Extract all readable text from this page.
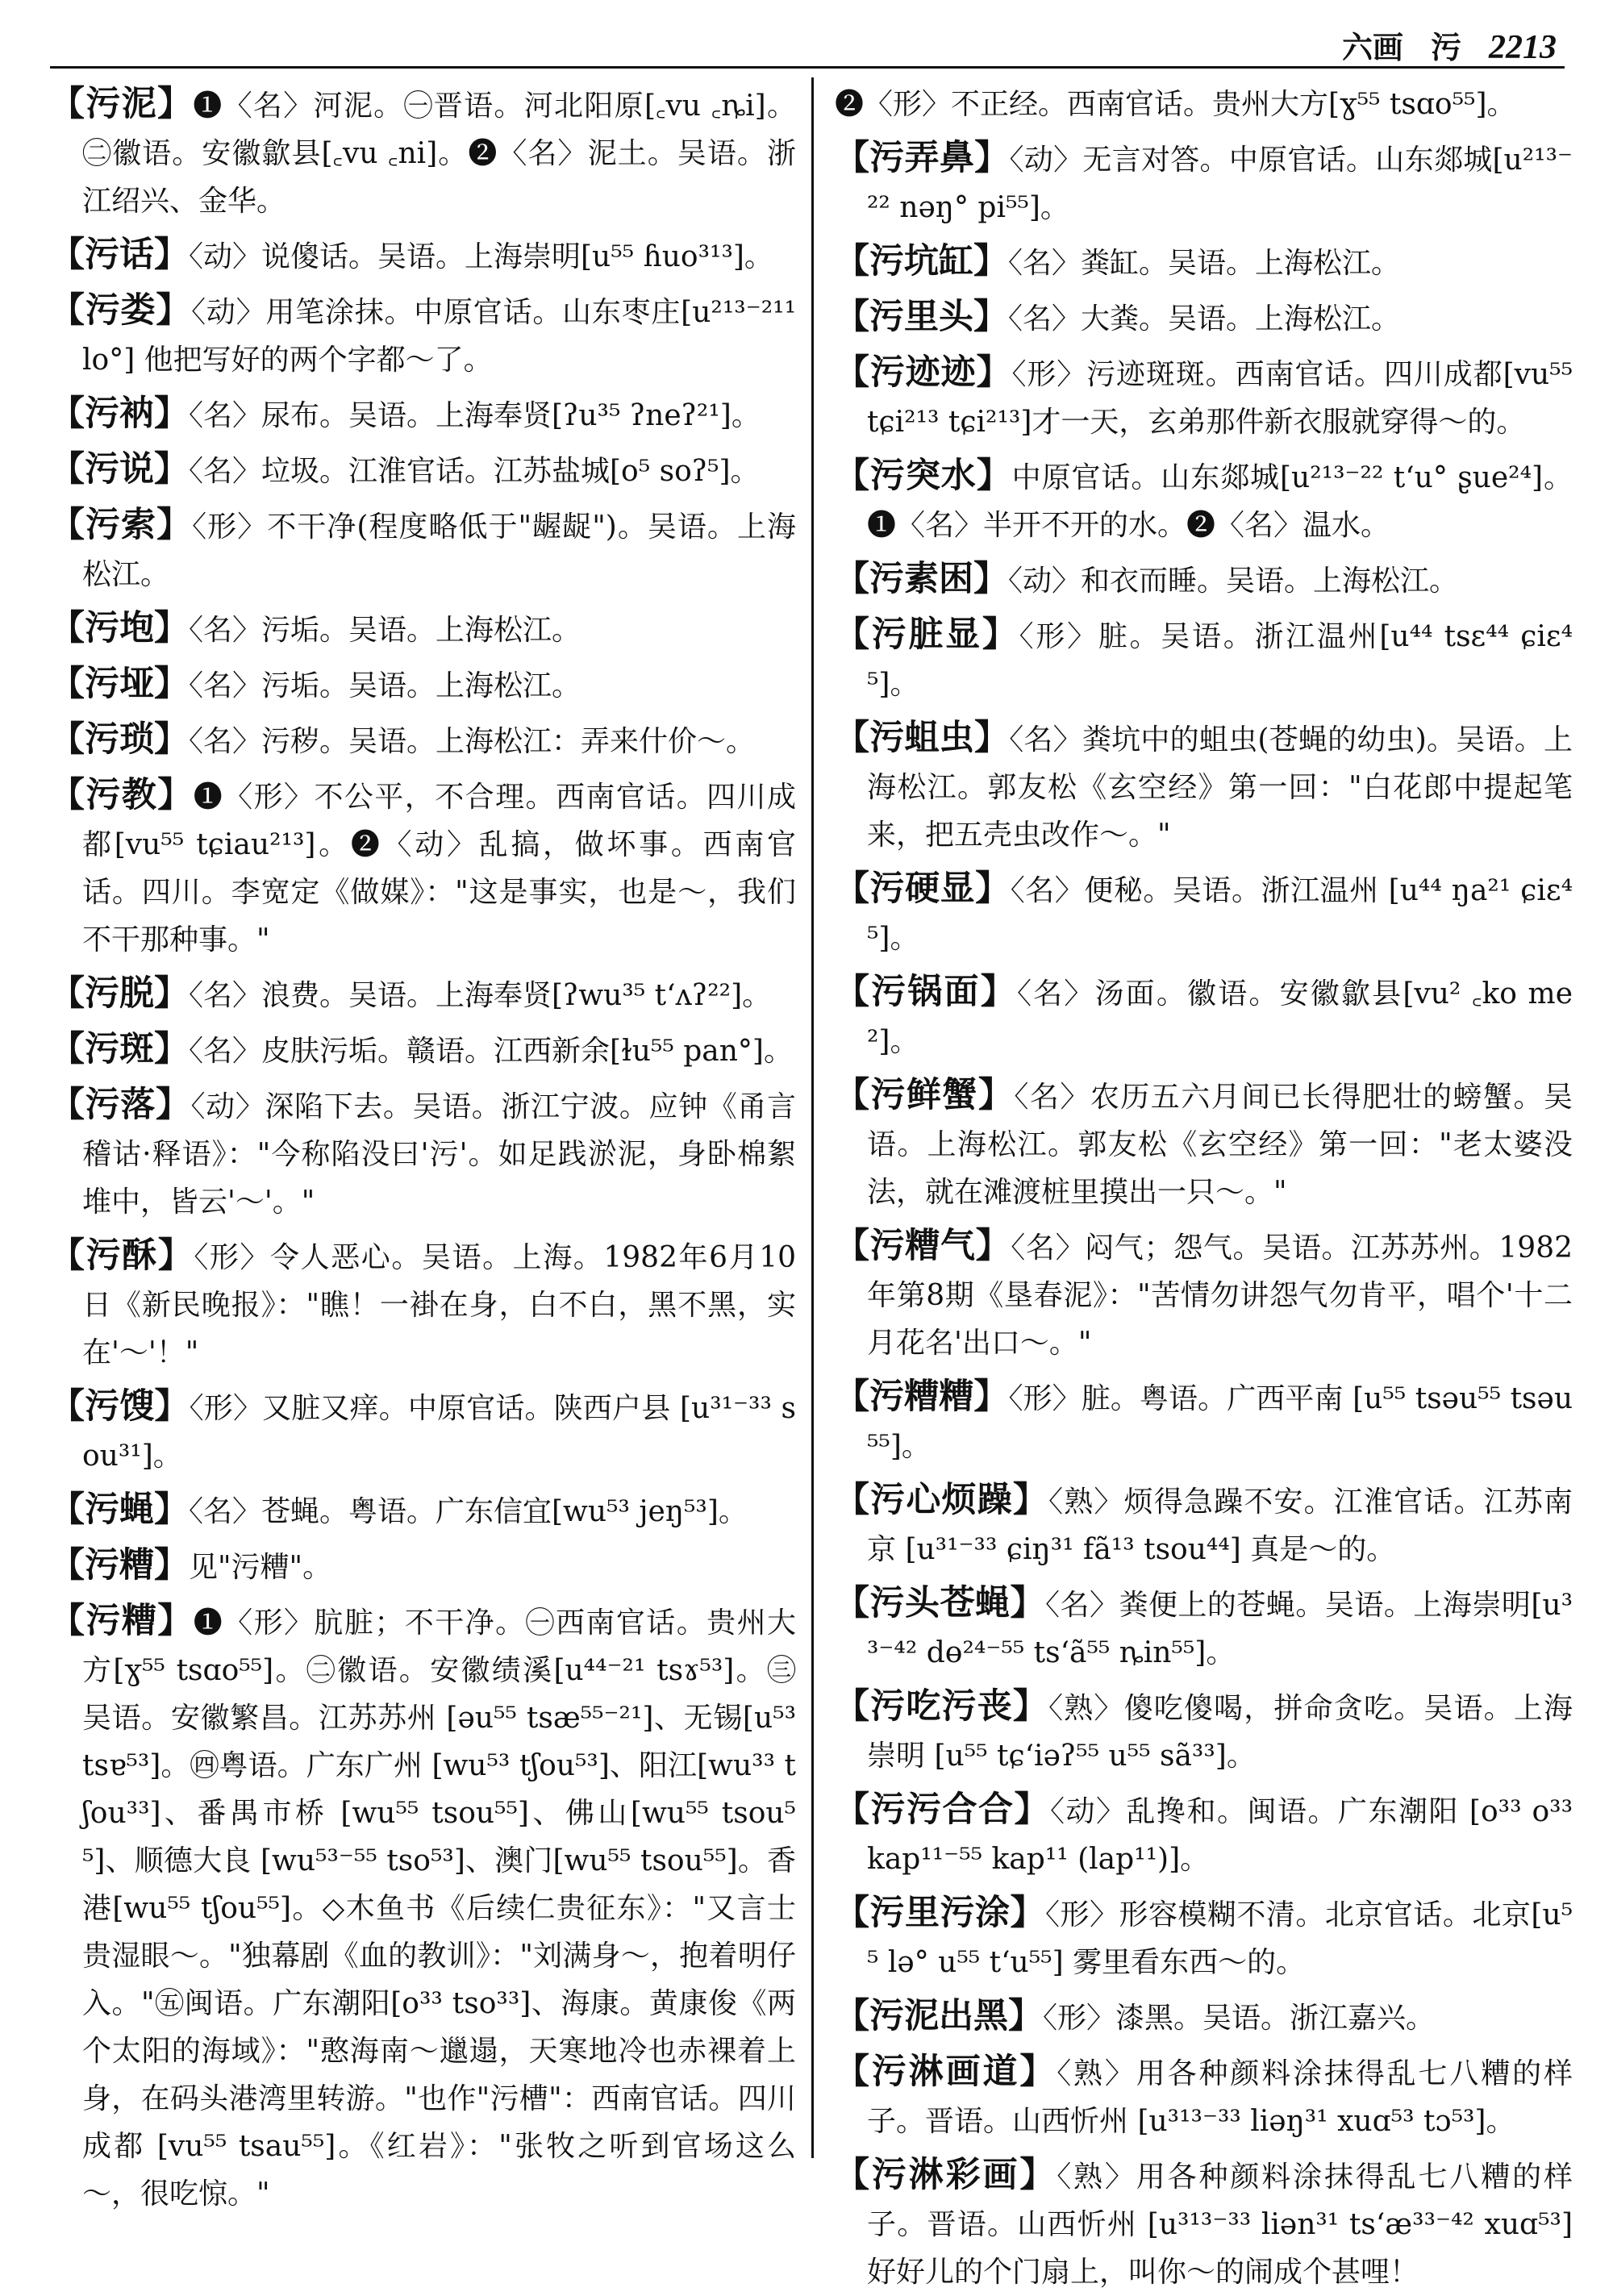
六画 污 2213

【污泥】❶〈名〉河泥。㊀晋语。河北阳原[꜀vu ꜀ȵi]。㊁徽语。安徽歙县[꜀vu ꜀ni]。❷〈名〉泥土。吴语。浙江绍兴、金华。

【污话】〈动〉说傻话。吴语。上海崇明[u⁵⁵ ɦuo³¹³]。

【污娄】〈动〉用笔涂抹。中原官话。山东枣庄[u²¹³⁻²¹¹ lo°] 他把写好的两个字都～了。

【污衲】〈名〉尿布。吴语。上海奉贤[ʔu³⁵ ʔneʔ²¹]。

【污说】〈名〉垃圾。江淮官话。江苏盐城[o⁵ soʔ⁵]。

【污索】〈形〉不干净(程度略低于"龌龊")。吴语。上海松江。

【污垉】〈名〉污垢。吴语。上海松江。

【污垭】〈名〉污垢。吴语。上海松江。

【污琐】〈名〉污秽。吴语。上海松江：弄来什价～。

【污教】❶〈形〉不公平，不合理。西南官话。四川成都[vu⁵⁵ tɕiau²¹³]。❷〈动〉乱搞，做坏事。西南官话。四川。李宽定《做媒》："这是事实，也是～，我们不干那种事。"

【污脱】〈名〉浪费。吴语。上海奉贤[ʔwu³⁵ tʻʌʔ²²]。

【污斑】〈名〉皮肤污垢。赣语。江西新余[ɫu⁵⁵ pan°]。

【污落】〈动〉深陷下去。吴语。浙江宁波。应钟《甬言稽诂·释语》："今称陷没曰'污'。如足践淤泥，身卧棉絮堆中，皆云'～'。"

【污酥】〈形〉令人恶心。吴语。上海。1982年6月10日《新民晚报》："瞧！一褂在身，白不白，黑不黑，实在'～'！"

【污馊】〈形〉又脏又痒。中原官话。陕西户县 [u³¹⁻³³ sou³¹]。

【污蝇】〈名〉苍蝇。粤语。广东信宜[wu⁵³ jeŋ⁵³]。

【污糟】见"污糟"。

【污糟】❶〈形〉肮脏；不干净。㊀西南官话。贵州大方[ɣ⁵⁵ tsɑo⁵⁵]。㊁徽语。安徽绩溪[u⁴⁴⁻²¹ tsɤ⁵³]。㊂吴语。安徽繁昌。江苏苏州 [əu⁵⁵ tsæ⁵⁵⁻²¹]、无锡[u⁵³ tsɐ⁵³]。㊃粤语。广东广州 [wu⁵³ tʃou⁵³]、阳江[wu³³ tʃou³³]、番禺市桥 [wu⁵⁵ tsou⁵⁵]、佛山[wu⁵⁵ tsou⁵⁵]、顺德大良 [wu⁵³⁻⁵⁵ tso⁵³]、澳门[wu⁵⁵ tsou⁵⁵]。香港[wu⁵⁵ tʃou⁵⁵]。◇木鱼书《后续仁贵征东》："又言士贵湿眼～。"独幕剧《血的教训》："刘满身～，抱着明仔入。"㊄闽语。广东潮阳[o³³ tso³³]、海康。黄康俊《两个太阳的海域》："憨海南～邋遢，天寒地冷也赤裸着上身，在码头港湾里转游。"也作"污槽"：西南官话。四川成都 [vu⁵⁵ tsau⁵⁵]。《红岩》："张牧之听到官场这么～，很吃惊。"

❷〈形〉不正经。西南官话。贵州大方[ɣ⁵⁵ tsɑo⁵⁵]。

【污弄鼻】〈动〉无言对答。中原官话。山东郯城[u²¹³⁻²² nəŋ° pi⁵⁵]。

【污坑缸】〈名〉粪缸。吴语。上海松江。

【污里头】〈名〉大粪。吴语。上海松江。

【污迹迹】〈形〉污迹斑斑。西南官话。四川成都[vu⁵⁵ tɕi²¹³ tɕi²¹³]才一天，玄弟那件新衣服就穿得～的。

【污突水】中原官话。山东郯城[u²¹³⁻²² tʻu° ʂue²⁴]。❶〈名〉半开不开的水。❷〈名〉温水。

【污素困】〈动〉和衣而睡。吴语。上海松江。

【污脏显】〈形〉脏。吴语。浙江温州[u⁴⁴ tsɛ⁴⁴ ɕiɛ⁴⁵]。

【污蛆虫】〈名〉粪坑中的蛆虫(苍蝇的幼虫)。吴语。上海松江。郭友松《玄空经》第一回："白花郎中提起笔来，把五壳虫改作～。"

【污硬显】〈名〉便秘。吴语。浙江温州 [u⁴⁴ ŋa²¹ ɕiɛ⁴⁵]。

【污锅面】〈名〉汤面。徽语。安徽歙县[vu² ꜀ko me²]。

【污鲜蟹】〈名〉农历五六月间已长得肥壮的螃蟹。吴语。上海松江。郭友松《玄空经》第一回："老太婆没法，就在滩渡桩里摸出一只～。"

【污糟气】〈名〉闷气；怨气。吴语。江苏苏州。1982年第8期《垦春泥》："苦情勿讲怨气勿肯平，唱个'十二月花名'出口～。"

【污糟糟】〈形〉脏。粤语。广西平南 [u⁵⁵ tsəu⁵⁵ tsəu⁵⁵]。

【污心烦躁】〈熟〉烦得急躁不安。江淮官话。江苏南京 [u³¹⁻³³ ɕiŋ³¹ fã¹³ tsou⁴⁴] 真是～的。

【污头苍蝇】〈名〉粪便上的苍蝇。吴语。上海崇明[u³³⁻⁴² dɵ²⁴⁻⁵⁵ tsʻã⁵⁵ ȵin⁵⁵]。

【污吃污丧】〈熟〉傻吃傻喝，拼命贪吃。吴语。上海崇明 [u⁵⁵ tɕʻiəʔ⁵⁵ u⁵⁵ sã³³]。

【污污合合】〈动〉乱搀和。闽语。广东潮阳 [o³³ o³³ kap¹¹⁻⁵⁵ kap¹¹ (lap¹¹)]。

【污里污涂】〈形〉形容模糊不清。北京官话。北京[u⁵⁵ lə° u⁵⁵ tʻu⁵⁵] 雾里看东西～的。

【污泥出黑】〈形〉漆黑。吴语。浙江嘉兴。

【污淋画道】〈熟〉用各种颜料涂抹得乱七八糟的样子。晋语。山西忻州 [u³¹³⁻³³ liəŋ³¹ xuɑ⁵³ tɔ⁵³]。

【污淋彩画】〈熟〉用各种颜料涂抹得乱七八糟的样子。晋语。山西忻州 [u³¹³⁻³³ liən³¹ tsʻæ³³⁻⁴² xuɑ⁵³] 好好儿的个门扇上，叫你～的闹成个甚哩！
